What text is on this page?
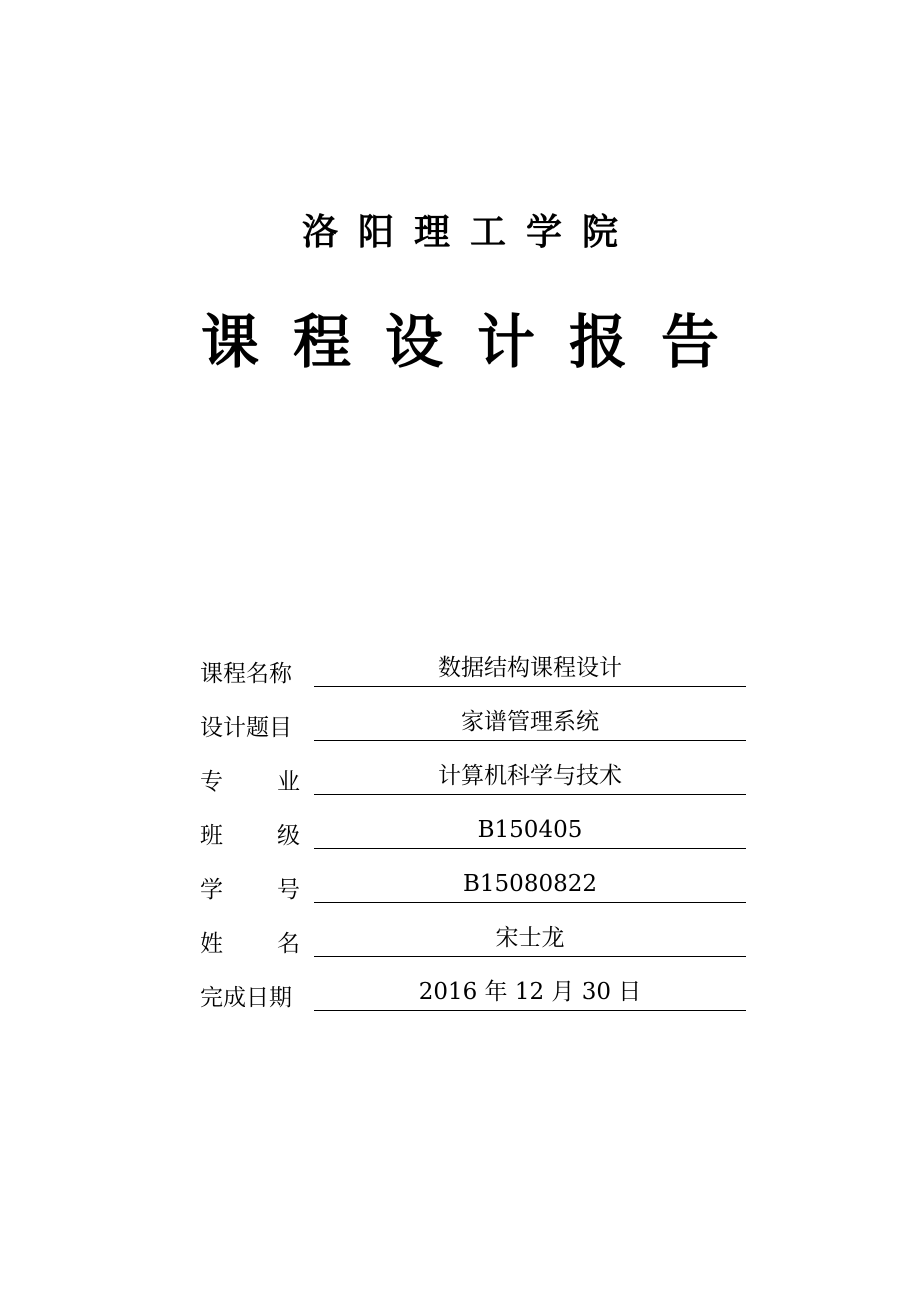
洛阳理工学院
课程设计报告
课程名称	数据结构课程设计
设计题目	家谱管理系统
专 业	计算机科学与技术
班 级	B150405
学 号	B15080822
姓 名	宋士龙
完成日期	2016 年 12 月 30 日
